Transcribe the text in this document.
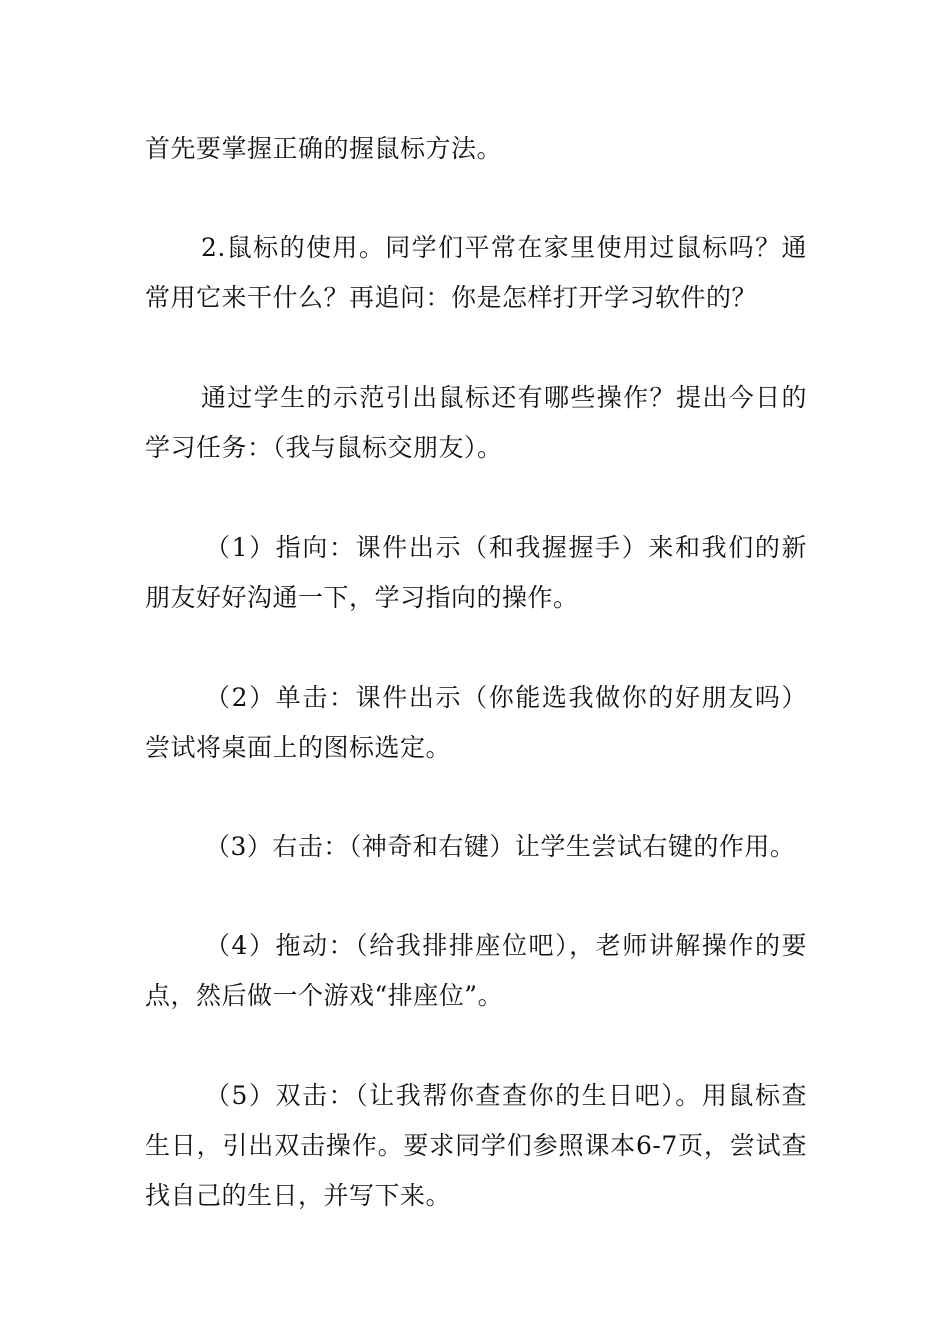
首先要掌握正确的握鼠标方法。

2.鼠标的使用。同学们平常在家里使用过鼠标吗？通常用它来干什么？再追问：你是怎样打开学习软件的？

通过学生的示范引出鼠标还有哪些操作？提出今日的学习任务：（我与鼠标交朋友）。

（1）指向：课件出示（和我握握手）来和我们的新朋友好好沟通一下，学习指向的操作。

（2）单击：课件出示（你能选我做你的好朋友吗）尝试将桌面上的图标选定。

（3）右击：（神奇和右键）让学生尝试右键的作用。

（4）拖动：（给我排排座位吧），老师讲解操作的要点，然后做一个游戏“排座位”。

（5）双击：（让我帮你查查你的生日吧）。用鼠标查生日，引出双击操作。要求同学们参照课本6-7页，尝试查找自己的生日，并写下来。
